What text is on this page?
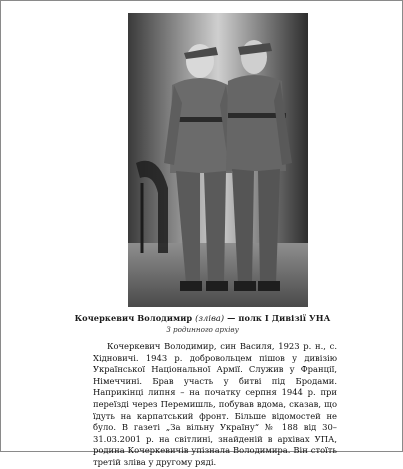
Кочеркевич Володимир (зліва) — полк І Дивізії УНА
З родинного архіву
Кочеркевич Володимир, син Василя, 1923 р. н., с. Хідновичі. 1943 р. добровольцем пішов у дивізію Української Національної Армії. Служив у Франції, Німеччині. Брав участь у битві під Бродами. Наприкінці липня – на початку серпня 1944 р. при переїзді через Перемишль, побував вдома, сказав, що їдуть на карпатський фронт. Більше відомостей не було. В газеті „За вільну Україну“ № 188 від 30–31.03.2001 р. на світлині, знайденій в архівах УПА, родина Кочеркевичів упізнала Володимира. Він стоїть третій зліва у другому ряді.
